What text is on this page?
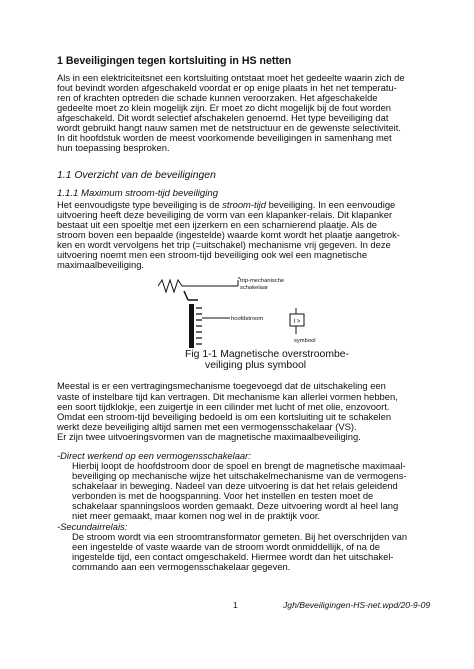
1 Beveiligingen tegen kortsluiting in HS netten
Als in een elektriciteitsnet een kortsluiting ontstaat moet het gedeelte waarin zich de
fout bevindt worden afgeschakeld voordat er op enige plaats in het net temperatu-
ren of krachten optreden die schade kunnen veroorzaken. Het afgeschakelde
gedeelte moet zo klein mogelijk zijn. Er moet zo dicht mogelijk bij de fout worden
afgeschakeld. Dit wordt selectief afschakelen genoemd. Het type beveiliging dat
wordt gebruikt hangt nauw samen met de netstructuur en de gewenste selectiviteit.
In dit hoofdstuk worden de meest voorkomende beveiligingen in samenhang met
hun toepassing besproken.
1.1 Overzicht van de beveiligingen
1.1.1 Maximum stroom-tijd beveiliging
Het eenvoudigste type beveiliging is de stroom-tijd beveiliging. In een eenvoudige
uitvoering heeft deze beveiliging de vorm van een klapanker-relais. Dit klapanker
bestaat uit een spoeltje met een ijzerkern en een scharnierend plaatje. Als de
stroom boven een bepaalde (ingestelde) waarde komt wordt het plaatje aangetrok-
ken en wordt vervolgens het trip (=uitschakel) mechanisme vrij gegeven. In deze
uitvoering noemt men een stroom-tijd beveiliging ook wel een magnetische
maximaalbeveiliging.
trip-mechanische
schakelaar
hoofdstroom	I >
symbool
Fig 1-1 Magnetische overstroombe-
veiliging plus symbool
Meestal is er een vertragingsmechanisme toegevoegd dat de uitschakeling een
vaste of instelbare tijd kan vertragen. Dit mechanisme kan allerlei vormen hebben,
een soort tijdklokje, een zuigertje in een cilinder met lucht of met olie, enzovoort.
Omdat een stroom-tijd beveiliging bedoeld is om een kortsluiting uit te schakelen
werkt deze beveiliging altijd samen met een vermogensschakelaar (VS).
Er zijn twee uitvoeringsvormen van de magnetische maximaalbeveiliging.
-Direct werkend op een vermogensschakelaar:
Hierbij loopt de hoofdstroom door de spoel en brengt de magnetische maximaal-
beveiliging op mechanische wijze het uitschakelmechanisme van de vermogens-
schakelaar in beweging. Nadeel van deze uitvoering is dat het relais geleidend
verbonden is met de hoogspanning. Voor het instellen en testen moet de
schakelaar spanningsloos worden gemaakt. Deze uitvoering wordt al heel lang
niet meer gemaakt, maar komen nog wel in de praktijk voor.
-Secundairrelais:
De stroom wordt via een stroomtransformator gemeten. Bij het overschrijden van
een ingestelde of vaste waarde van de stroom wordt onmiddellijk, of na de
ingestelde tijd, een contact omgeschakeld. Hiermee wordt dan het uitschakel-
commando aan een vermogensschakelaar gegeven.
1	Jgh/Beveiligingen-HS-net.wpd/20-9-09
